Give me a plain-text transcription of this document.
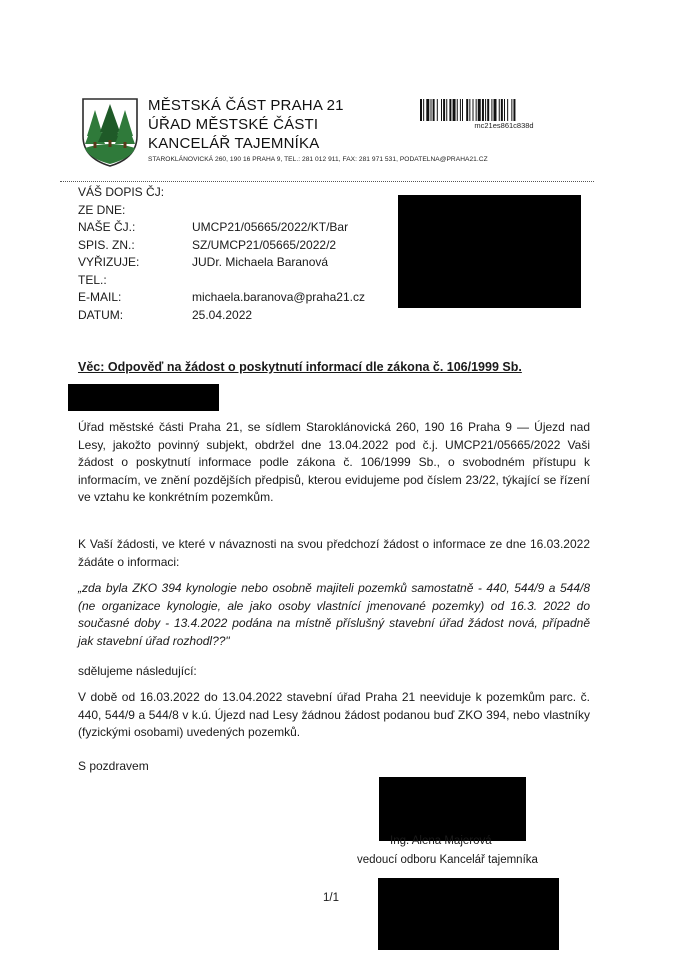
MĚSTSKÁ ČÁST PRAHA 21
ÚŘAD MĚSTSKÉ ČÁSTI
KANCELÁŘ TAJEMNÍKA
STAROKLÁNOVICKÁ 260, 190 16 PRAHA 9, TEL.: 281 012 911, FAX: 281 971 531, PODATELNA@PRAHA21.CZ
mc21es861c838d
VÁŠ DOPIS ČJ:
ZE DNE:
NAŠE ČJ.:	UMCP21/05665/2022/KT/Bar
SPIS. ZN.:	SZ/UMCP21/05665/2022/2
VYŘIZUJE:	JUDr. Michaela Baranová
TEL.:
E-MAIL:	michaela.baranova@praha21.cz
DATUM:	25.04.2022
Věc: Odpověď na žádost o poskytnutí informací dle zákona č. 106/1999 Sb.
Úřad městské části Praha 21, se sídlem Staroklánovická 260, 190 16 Praha 9 — Újezd nad Lesy, jakožto povinný subjekt, obdržel dne 13.04.2022 pod č.j. UMCP21/05665/2022 Vaši žádost o poskytnutí informace podle zákona č. 106/1999 Sb., o svobodném přístupu k informacím, ve znění pozdějších předpisů, kterou evidujeme pod číslem 23/22, týkající se řízení ve vztahu ke konkrétním pozemkům.
K Vaší žádosti, ve které v návaznosti na svou předchozí žádost o informace ze dne 16.03.2022 žádáte o informaci:
„zda byla ZKO 394 kynologie nebo osobně majiteli pozemků samostatně - 440, 544/9 a 544/8 (ne organizace kynologie, ale jako osoby vlastnící jmenované pozemky) od 16.3. 2022 do současné doby - 13.4.2022 podána na místně příslušný stavební úřad žádost nová, případně jak stavební úřad rozhodl??"
sdělujeme následující:
V době od 16.03.2022 do 13.04.2022 stavební úřad Praha 21 neeviduje k pozemkům parc. č. 440, 544/9 a 544/8 v k.ú. Újezd nad Lesy žádnou žádost podanou buď ZKO 394, nebo vlastníky (fyzickými osobami) uvedených pozemků.
S pozdravem
Ing. Alena Majerová
vedoucí odboru Kancelář tajemníka
1/1
